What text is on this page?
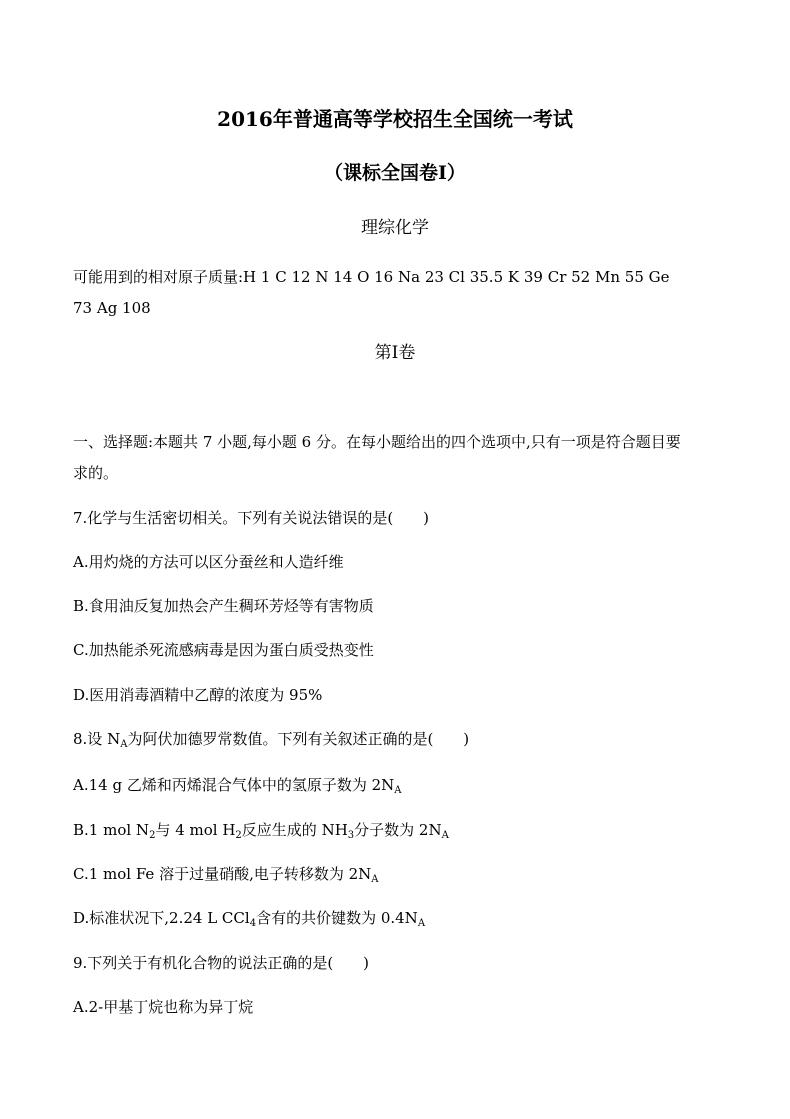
2016年普通高等学校招生全国统一考试
（课标全国卷Ⅰ）
理综化学
可能用到的相对原子质量:H 1 C 12 N 14 O 16 Na 23 Cl 35.5 K 39 Cr 52 Mn 55 Ge
73 Ag 108
第Ⅰ卷
一、选择题:本题共 7 小题,每小题 6 分。在每小题给出的四个选项中,只有一项是符合题目要
求的。
7.化学与生活密切相关。下列有关说法错误的是(　　)
A.用灼烧的方法可以区分蚕丝和人造纤维
B.食用油反复加热会产生稠环芳烃等有害物质
C.加热能杀死流感病毒是因为蛋白质受热变性
D.医用消毒酒精中乙醇的浓度为 95%
8.设 $N_A$为阿伏加德罗常数值。下列有关叙述正确的是(　　)
A.14 g 乙烯和丙烯混合气体中的氢原子数为 $2N_A$
B.1 mol $N_2$与 4 mol $H_2$反应生成的 $NH_3$分子数为 $2N_A$
C.1 mol Fe 溶于过量硝酸,电子转移数为 $2N_A$
D.标准状况下,2.24 L CCl$_4$含有的共价键数为 $0.4N_A$
9.下列关于有机化合物的说法正确的是(　　)
A.2-甲基丁烷也称为异丁烷
